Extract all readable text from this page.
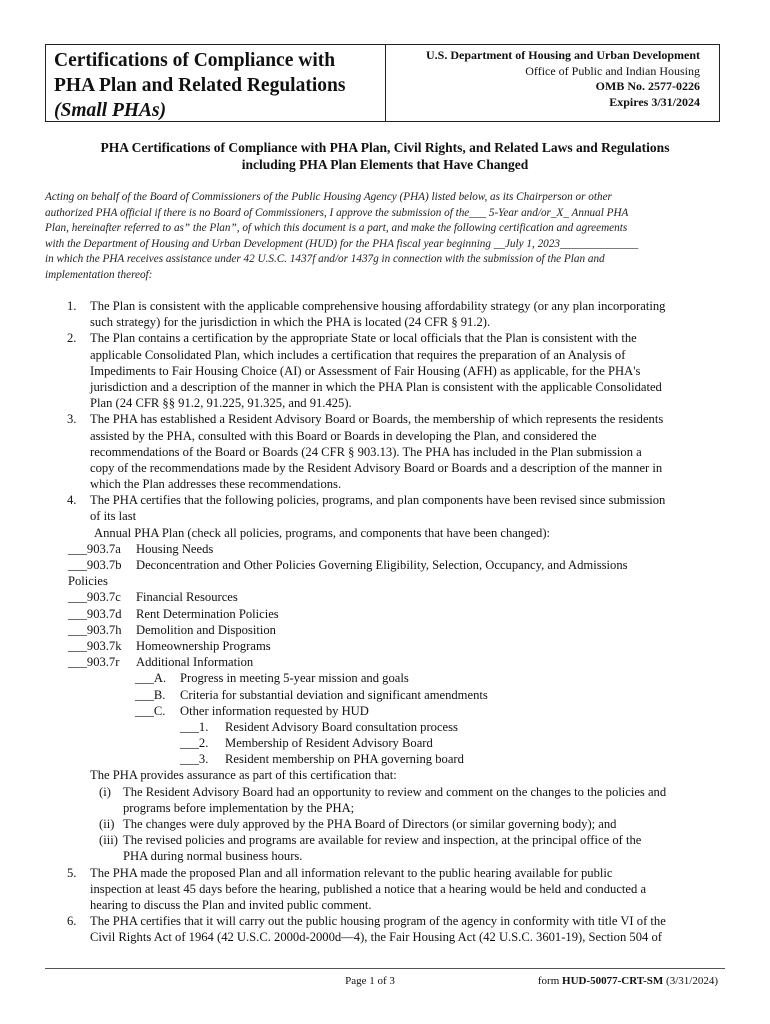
Certifications of Compliance with
PHA Plan and Related Regulations
(Small PHAs)
U.S. Department of Housing and Urban Development
Office of Public and Indian Housing
OMB No. 2577-0226
Expires 3/31/2024
PHA Certifications of Compliance with PHA Plan, Civil Rights, and Related Laws and Regulations
including PHA Plan Elements that Have Changed
Acting on behalf of the Board of Commissioners of the Public Housing Agency (PHA) listed below, as its Chairperson or other
authorized PHA official if there is no Board of Commissioners, I approve the submission of the___ 5-Year and/or_X_ Annual PHA
Plan, hereinafter referred to as” the Plan”, of which this document is a part, and make the following certification and agreements
with the Department of Housing and Urban Development (HUD) for the PHA fiscal year beginning __July 1, 2023______________
in which the PHA receives assistance under 42 U.S.C. 1437f and/or 1437g in connection with the submission of the Plan and
implementation thereof:
1. The Plan is consistent with the applicable comprehensive housing affordability strategy (or any plan incorporating
such strategy) for the jurisdiction in which the PHA is located (24 CFR § 91.2).
2. The Plan contains a certification by the appropriate State or local officials that the Plan is consistent with the
applicable Consolidated Plan, which includes a certification that requires the preparation of an Analysis of
Impediments to Fair Housing Choice (AI) or Assessment of Fair Housing (AFH) as applicable, for the PHA's
jurisdiction and a description of the manner in which the PHA Plan is consistent with the applicable Consolidated
Plan (24 CFR §§ 91.2, 91.225, 91.325, and 91.425).
3. The PHA has established a Resident Advisory Board or Boards, the membership of which represents the residents
assisted by the PHA, consulted with this Board or Boards in developing the Plan, and considered the
recommendations of the Board or Boards (24 CFR § 903.13). The PHA has included in the Plan submission a
copy of the recommendations made by the Resident Advisory Board or Boards and a description of the manner in
which the Plan addresses these recommendations.
4. The PHA certifies that the following policies, programs, and plan components have been revised since submission
of its last
Annual PHA Plan (check all policies, programs, and components that have been changed):
___903.7a Housing Needs
___903.7b Deconcentration and Other Policies Governing Eligibility, Selection, Occupancy, and Admissions
Policies
___903.7c Financial Resources
___903.7d Rent Determination Policies
___903.7h Demolition and Disposition
___903.7k Homeownership Programs
___903.7r Additional Information
___A. Progress in meeting 5-year mission and goals
___B. Criteria for substantial deviation and significant amendments
___C. Other information requested by HUD
___1. Resident Advisory Board consultation process
___2. Membership of Resident Advisory Board
___3. Resident membership on PHA governing board
The PHA provides assurance as part of this certification that:
(i) The Resident Advisory Board had an opportunity to review and comment on the changes to the policies and
programs before implementation by the PHA;
(ii) The changes were duly approved by the PHA Board of Directors (or similar governing body); and
(iii) The revised policies and programs are available for review and inspection, at the principal office of the
PHA during normal business hours.
5. The PHA made the proposed Plan and all information relevant to the public hearing available for public
inspection at least 45 days before the hearing, published a notice that a hearing would be held and conducted a
hearing to discuss the Plan and invited public comment.
6. The PHA certifies that it will carry out the public housing program of the agency in conformity with title VI of the
Civil Rights Act of 1964 (42 U.S.C. 2000d-2000d—4), the Fair Housing Act (42 U.S.C. 3601-19), Section 504 of
Page 1 of 3	form HUD-50077-CRT-SM (3/31/2024)
